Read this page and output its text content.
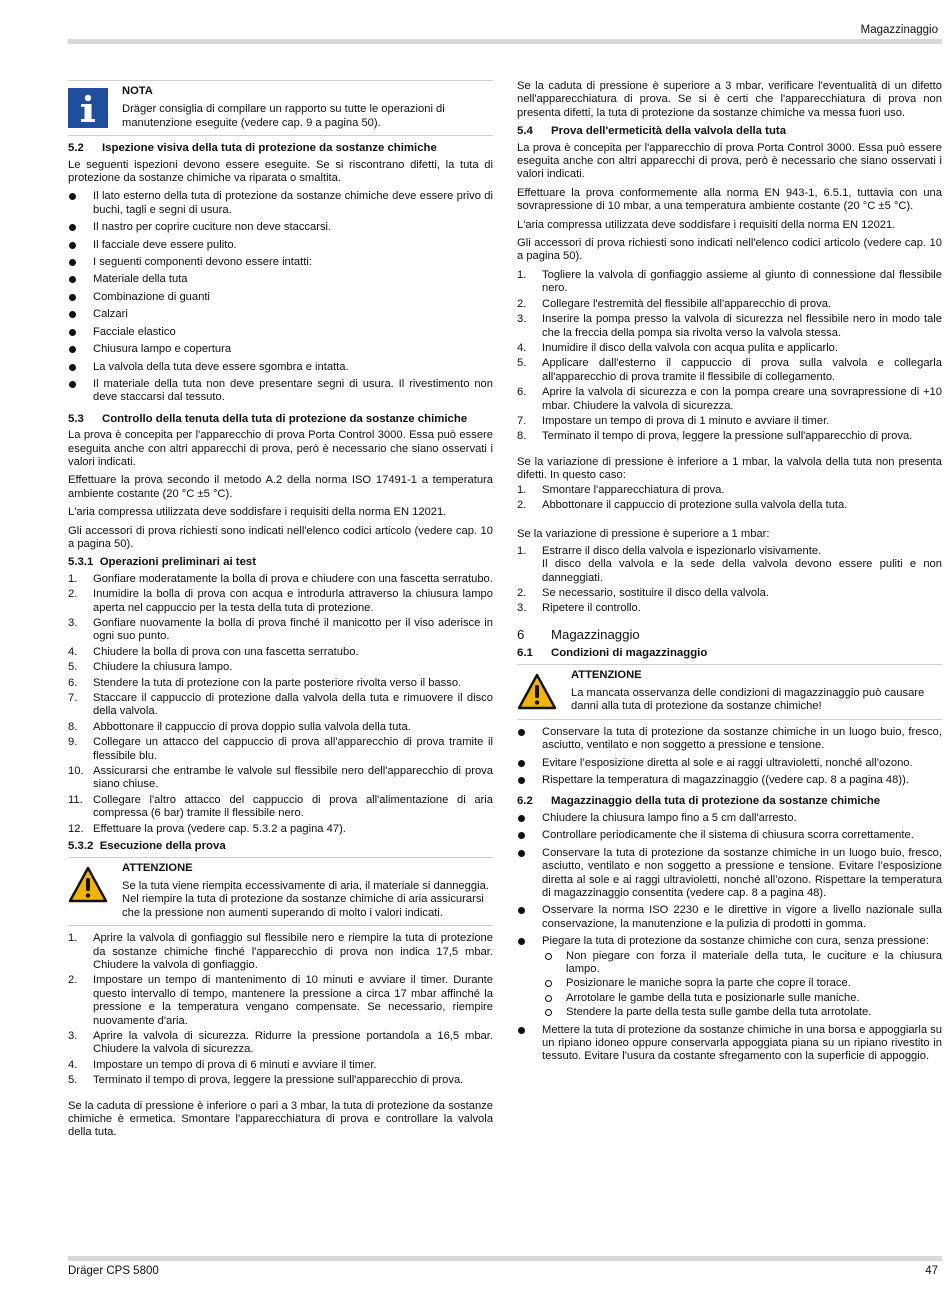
Magazzinaggio
NOTA

Dräger consiglia di compilare un rapporto su tutte le operazioni di manutenzione eseguite (vedere cap. 9 a pagina 50).

5.2 Ispezione visiva della tuta di protezione da sostanze chimiche

Le seguenti ispezioni devono essere eseguite. Se si riscontrano difetti, la tuta di protezione da sostanze chimiche va riparata o smaltita.

Il lato esterno della tuta di protezione da sostanze chimiche deve essere privo di buchi, tagli e segni di usura.
Il nastro per coprire cuciture non deve staccarsi.
Il facciale deve essere pulito.
I seguenti componenti devono essere intatti:
Materiale della tuta
Combinazione di guanti
Calzari
Facciale elastico
Chiusura lampo e copertura
La valvola della tuta deve essere sgombra e intatta.
Il materiale della tuta non deve presentare segni di usura. Il rivestimento non deve staccarsi dal tessuto.
5.3 Controllo della tenuta della tuta di protezione da sostanze chimiche

La prova è concepita per l'apparecchio di prova Porta Control 3000. Essa può essere eseguita anche con altri apparecchi di prova, però è necessario che siano osservati i valori indicati.

Effettuare la prova secondo il metodo A.2 della norma ISO 17491-1 a temperatura ambiente costante (20 °C ±5 °C).

L'aria compressa utilizzata deve soddisfare i requisiti della norma EN 12021.

Gli accessori di prova richiesti sono indicati nell'elenco codici articolo (vedere cap. 10 a pagina 50).

5.3.1 Operazioni preliminari ai test
1. Gonfiare moderatamente la bolla di prova e chiudere con una fascetta serratubo.
2. Inumidire la bolla di prova con acqua e introdurla attraverso la chiusura lampo aperta nel cappuccio per la testa della tuta di protezione.
3. Gonfiare nuovamente la bolla di prova finché il manicotto per il viso aderisce in ogni suo punto.
4. Chiudere la bolla di prova con una fascetta serratubo.
5. Chiudere la chiusura lampo.
6. Stendere la tuta di protezione con la parte posteriore rivolta verso il basso.
7. Staccare il cappuccio di protezione dalla valvola della tuta e rimuovere il disco della valvola.
8. Abbottonare il cappuccio di prova doppio sulla valvola della tuta.
9. Collegare un attacco del cappuccio di prova all'apparecchio di prova tramite il flessibile blu.
10. Assicurarsi che entrambe le valvole sul flessibile nero dell'apparecchio di prova siano chiuse.
11. Collegare l'altro attacco del cappuccio di prova all'alimentazione di aria compressa (6 bar) tramite il flessibile nero.
12. Effettuare la prova (vedere cap. 5.3.2 a pagina 47).
5.3.2 Esecuzione della prova
ATTENZIONE

Se la tuta viene riempita eccessivamente di aria, il materiale si danneggia.

Nel riempire la tuta di protezione da sostanze chimiche di aria assicurarsi che la pressione non aumenti superando di molto i valori indicati.

1. Aprire la valvola di gonfiaggio sul flessibile nero e riempire la tuta di protezione da sostanze chimiche finché l'apparecchio di prova non indica 17,5 mbar. Chiudere la valvola di gonfiaggio.
2. Impostare un tempo di mantenimento di 10 minuti e avviare il timer. Durante questo intervallo di tempo, mantenere la pressione a circa 17 mbar affinché la pressione e la temperatura vengano compensate. Se necessario, riempire nuovamente d'aria.
3. Aprire la valvola di sicurezza. Ridurre la pressione portandola a 16,5 mbar. Chiudere la valvola di sicurezza.
4. Impostare un tempo di prova di 6 minuti e avviare il timer.
5. Terminato il tempo di prova, leggere la pressione sull'apparecchio di prova.

Se la caduta di pressione è inferiore o pari a 3 mbar, la tuta di protezione da sostanze chimiche è ermetica. Smontare l'apparecchiatura di prova e controllare la valvola della tuta.

Se la caduta di pressione è superiore a 3 mbar, verificare l'eventualità di un difetto nell'apparecchiatura di prova. Se si è certi che l'apparecchiatura di prova non presenta difetti, la tuta di protezione da sostanze chimiche va messa fuori uso.

5.4 Prova dell'ermeticità della valvola della tuta

La prova è concepita per l'apparecchio di prova Porta Control 3000. Essa può essere eseguita anche con altri apparecchi di prova, però è necessario che siano osservati i valori indicati.

Effettuare la prova conformemente alla norma EN 943-1, 6.5.1, tuttavia con una sovrapressione di 10 mbar, a una temperatura ambiente costante (20 °C ±5 °C).

L'aria compressa utilizzata deve soddisfare i requisiti della norma EN 12021.

Gli accessori di prova richiesti sono indicati nell'elenco codici articolo (vedere cap. 10 a pagina 50).

1. Togliere la valvola di gonfiaggio assieme al giunto di connessione dal flessibile nero.
2. Collegare l'estremità del flessibile all'apparecchio di prova.
3. Inserire la pompa presso la valvola di sicurezza nel flessibile nero in modo tale che la freccia della pompa sia rivolta verso la valvola stessa.
4. Inumidire il disco della valvola con acqua pulita e applicarlo.
5. Applicare dall'esterno il cappuccio di prova sulla valvola e collegarla all'apparecchio di prova tramite il flessibile di collegamento.
6. Aprire la valvola di sicurezza e con la pompa creare una sovrapressione di +10 mbar. Chiudere la valvola di sicurezza.
7. Impostare un tempo di prova di 1 minuto e avviare il timer.
8. Terminato il tempo di prova, leggere la pressione sull'apparecchio di prova.

Se la variazione di pressione è inferiore a 1 mbar, la valvola della tuta non presenta difetti. In questo caso:

1. Smontare l'apparecchiatura di prova.
2. Abbottonare il cappuccio di protezione sulla valvola della tuta.

Se la variazione di pressione è superiore a 1 mbar:

1. Estrarre il disco della valvola e ispezionarlo visivamente.
Il disco della valvola e la sede della valvola devono essere puliti e non danneggiati.
2. Se necessario, sostituire il disco della valvola.
3. Ripetere il controllo.
6 Magazzinaggio
6.1 Condizioni di magazzinaggio
ATTENZIONE

La mancata osservanza delle condizioni di magazzinaggio può causare danni alla tuta di protezione da sostanze chimiche!

Conservare la tuta di protezione da sostanze chimiche in un luogo buio, fresco, asciutto, ventilato e non soggetto a pressione e tensione.
Evitare l’esposizione diretta al sole e ai raggi ultravioletti, nonché all’ozono.
Rispettare la temperatura di magazzinaggio ((vedere cap. 8 a pagina 48)).
6.2 Magazzinaggio della tuta di protezione da sostanze chimiche
Chiudere la chiusura lampo fino a 5 cm dall'arresto.
Controllare periodicamente che il sistema di chiusura scorra correttamente.
Conservare la tuta di protezione da sostanze chimiche in un luogo buio, fresco, asciutto, ventilato e non soggetto a pressione e tensione. Evitare l’esposizione diretta al sole e ai raggi ultravioletti, nonché all’ozono. Rispettare la temperatura di magazzinaggio consentita (vedere cap. 8 a pagina 48).
Osservare la norma ISO 2230 e le direttive in vigore a livello nazionale sulla conservazione, la manutenzione e la pulizia di prodotti in gomma.
Piegare la tuta di protezione da sostanze chimiche con cura, senza pressione:
Non piegare con forza il materiale della tuta, le cuciture e la chiusura lampo.
Posizionare le maniche sopra la parte che copre il torace.
Arrotolare le gambe della tuta e posizionarle sulle maniche.
Stendere la parte della testa sulle gambe della tuta arrotolate.
Mettere la tuta di protezione da sostanze chimiche in una borsa e appoggiarla su un ripiano idoneo oppure conservarla appoggiata piana su un ripiano rivestito in tessuto. Evitare l'usura da costante sfregamento con la superficie di appoggio.
Dräger CPS 5800	47
